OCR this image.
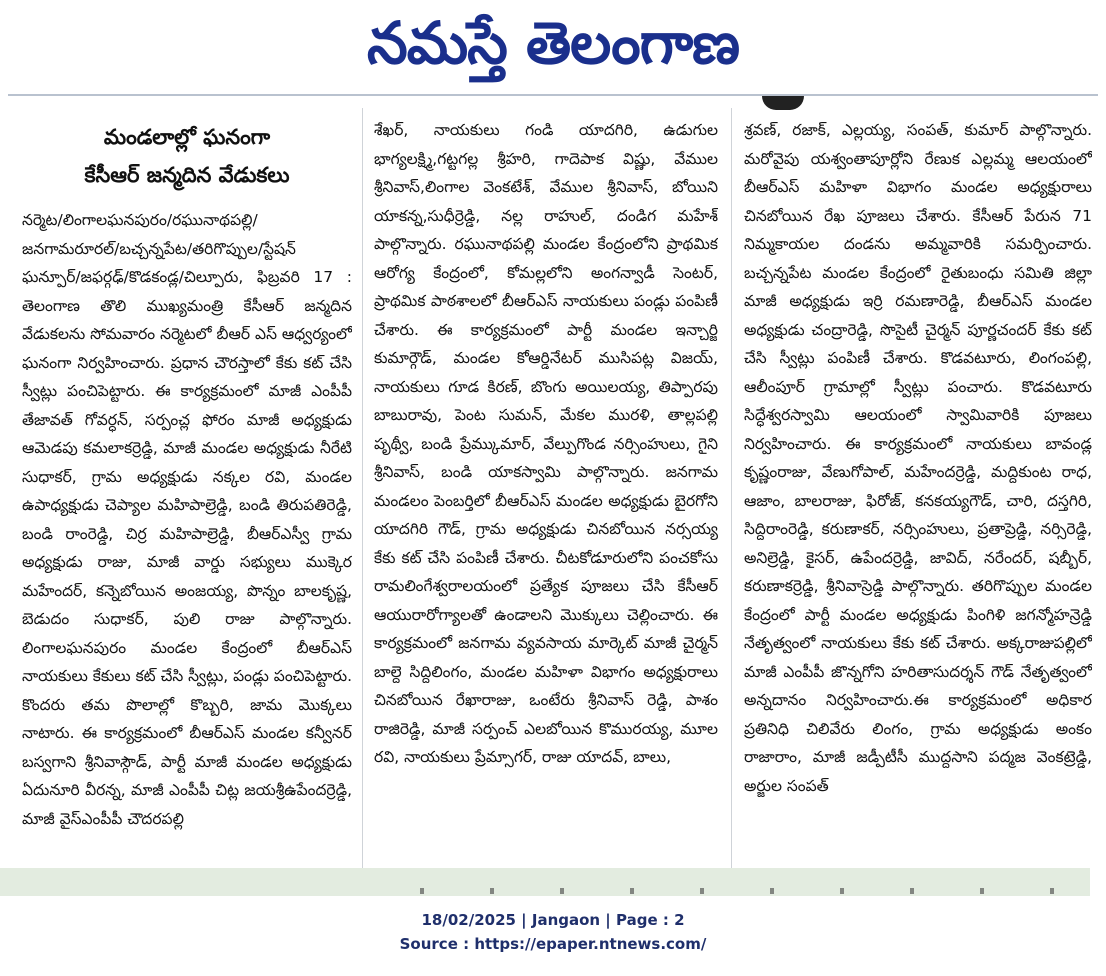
నమస్తే తెలంగాణ
మండలాల్లో ఘనంగా
కేసీఆర్ జన్మదిన వేడుకలు

నర్మెట/లింగాలఘనపురం/రఘునాథపల్లి/జనగామరూరల్/బచ్చన్నపేట/తరిగొప్పుల/స్టేషన్ ఘన్పూర్/జఫర్గఢ్/కొడకండ్ల/చిల్పూరు, ఫిబ్రవరి 17 : తెలంగాణ తొలి ముఖ్యమంత్రి కేసీఆర్ జన్మదిన వేడుకలను సోమవారం నర్మెటలో బీఆర్ ఎస్ ఆధ్వర్యంలో ఘనంగా నిర్వహించారు. ప్రధాన చౌరస్తాలో కేకు కట్ చేసి స్వీట్లు పంచిపెట్టారు. ఈ కార్యక్రమంలో మాజీ ఎంపీపీ తేజావత్ గోవర్ధన్, సర్పంచ్ల ఫోరం మాజీ అధ్యక్షుడు ఆమెడపు కమలాకర్రెడ్డి, మాజీ మండల అధ్యక్షుడు నీరేటి సుధాకర్, గ్రామ అధ్యక్షుడు నక్కల రవి, మండల ఉపాధ్యక్షుడు చెప్యాల మహిపాల్రెడ్డి, బండి తిరుపతిరెడ్డి, బండి రాంరెడ్డి, చిర్ర మహిపాల్రెడ్డి, బీఆర్ఎస్వీ గ్రామ అధ్యక్షుడు రాజు, మాజీ వార్డు సభ్యులు ముక్కెర మహేందర్, కన్నెబోయిన అంజయ్య, పొన్నం బాలకృష్ణ, బెడుదం సుధాకర్, పులి రాజు పాల్గొన్నారు. లింగాలఘనపురం మండల కేంద్రంలో బీఆర్ఎస్ నాయకులు కేకులు కట్ చేసి స్వీట్లు, పండ్లు పంచిపెట్టారు. కొందరు తమ పొలాల్లో కొబ్బరి, జామ మొక్కలు నాటారు. ఈ కార్యక్రమంలో బీఆర్ఎస్ మండల కన్వీనర్ బస్వగాని శ్రీనివాస్గౌడ్, పార్టీ మాజీ మండల అధ్యక్షుడు ఏదునూరి వీరన్న, మాజీ ఎంపీపీ చిట్ల జయశ్రీఉపేందర్రెడ్డి, మాజీ వైస్ఎంపీపీ చౌదరపల్లి

శేఖర్, నాయకులు గండి యాదగిరి, ఉడుగుల భాగ్యలక్ష్మి,గట్టగల్ల శ్రీహరి, గాదెపాక విష్ణు, వేముల శ్రీనివాస్,లింగాల వెంకటేశ్, వేముల శ్రీనివాస్, బోయిని యాకన్న,సుధీర్రెడ్డి, నల్ల రాహుల్, దండిగ మహేశ్ పాల్గొన్నారు. రఘునాథపల్లి మండల కేంద్రంలోని ప్రాథమిక ఆరోగ్య కేంద్రంలో, కోమల్లలోని అంగన్వాడీ సెంటర్, ప్రాథమిక పాఠశాలలో బీఆర్ఎస్ నాయకులు పండ్లు పంపిణీ చేశారు. ఈ కార్యక్రమంలో పార్టీ మండల ఇన్చార్జి కుమార్గౌడ్, మండల కోఆర్డినేటర్ ముసిపట్ల విజయ్, నాయకులు గూడ కిరణ్, బొంగు అయిలయ్య, తిప్పారపు బాబురావు, పెంట సుమన్, మేకల మురళి, తాల్లపల్లి పృథ్వీ, బండి ప్రేమ్కుమార్, వేల్పుగొండ నర్సింహులు, గైని శ్రీనివాస్, బండి యాకస్వామి పాల్గొన్నారు. జనగామ మండలం పెంబర్తిలో బీఆర్ఎస్ మండల అధ్యక్షుడు బైరగోని యాదగిరి గౌడ్, గ్రామ అధ్యక్షుడు చినబోయిన నర్సయ్య కేకు కట్ చేసి పంపిణీ చేశారు. చీటకోడూరులోని పంచకోసు రామలింగేశ్వరాలయంలో ప్రత్యేక పూజలు చేసి కేసీఆర్ ఆయురారోగ్యాలతో ఉండాలని మొక్కులు చెల్లించారు. ఈ కార్యక్రమంలో జనగామ వ్యవసాయ మార్కెట్ మాజీ చైర్మన్ బాల్దె సిద్దిలింగం, మండల మహిళా విభాగం అధ్యక్షురాలు చినబోయిన రేఖారాజు, ఒంటేరు శ్రీనివాస్ రెడ్డి, పాశం రాజిరెడ్డి, మాజీ సర్పంచ్ ఎలబోయిన కొమురయ్య, మూల రవి, నాయకులు ప్రేమ్సాగర్, రాజు యాదవ్, బాలు,

శ్రవణ్, రజాక్, ఎల్లయ్య, సంపత్, కుమార్ పాల్గొన్నారు. మరోవైపు యశ్వంతాపూర్లోని రేణుక ఎల్లమ్మ ఆలయంలో బీఆర్ఎస్ మహిళా విభాగం మండల అధ్యక్షురాలు చినబోయిన రేఖ పూజలు చేశారు. కేసీఆర్ పేరున 71 నిమ్మకాయల దండను అమ్మవారికి సమర్పించారు. బచ్చన్నపేట మండల కేంద్రంలో రైతుబంధు సమితి జిల్లా మాజీ అధ్యక్షుడు ఇర్రి రమణారెడ్డి, బీఆర్ఎస్ మండల అధ్యక్షుడు చంద్రారెడ్డి, సొసైటీ చైర్మన్ పూర్ణచందర్ కేకు కట్ చేసి స్వీట్లు పంపిణీ చేశారు. కొడవటూరు, లింగంపల్లి, ఆలీంపూర్ గ్రామాల్లో స్వీట్లు పంచారు. కొడవటూరు సిద్ధేశ్వరస్వామి ఆలయంలో స్వామివారికి పూజలు నిర్వహించారు. ఈ కార్యక్రమంలో నాయకులు బావండ్ల కృష్ణంరాజు, వేణుగోపాల్, మహేందర్రెడ్డి, మద్దికుంట రాధ, ఆజాం, బాలరాజు, ఫిరోజ్, కనకయ్యగౌడ్, చారి, దస్తగిరి, సిద్దిరాంరెడ్డి, కరుణాకర్, నర్సింహులు, ప్రతాప్రెడ్డి, నర్సిరెడ్డి, అనిల్రెడ్డి, కైసర్, ఉపేందర్రెడ్డి, జావిద్, నరేందర్, షబ్బీర్, కరుణాకర్రెడ్డి, శ్రీనివాస్రెడ్డి పాల్గొన్నారు. తరిగొప్పుల మండల కేంద్రంలో పార్టీ మండల అధ్యక్షుడు పింగిళి జగన్మోహన్రెడ్డి నేతృత్వంలో నాయకులు కేకు కట్ చేశారు. అక్కరాజుపల్లిలో మాజీ ఎంపీపీ జొన్నగోని హరితాసుదర్శన్ గౌడ్ నేతృత్వంలో అన్నదానం నిర్వహించారు.ఈ కార్యక్రమంలో అధికార ప్రతినిధి చిలివేరు లింగం, గ్రామ అధ్యక్షుడు అంకం రాజారాం, మాజీ జడ్పీటీసీ ముద్దసాని పద్మజ వెంకట్రెడ్డి, అర్జుల సంపత్

18/02/2025 | Jangaon | Page : 2
Source : https://epaper.ntnews.com/
